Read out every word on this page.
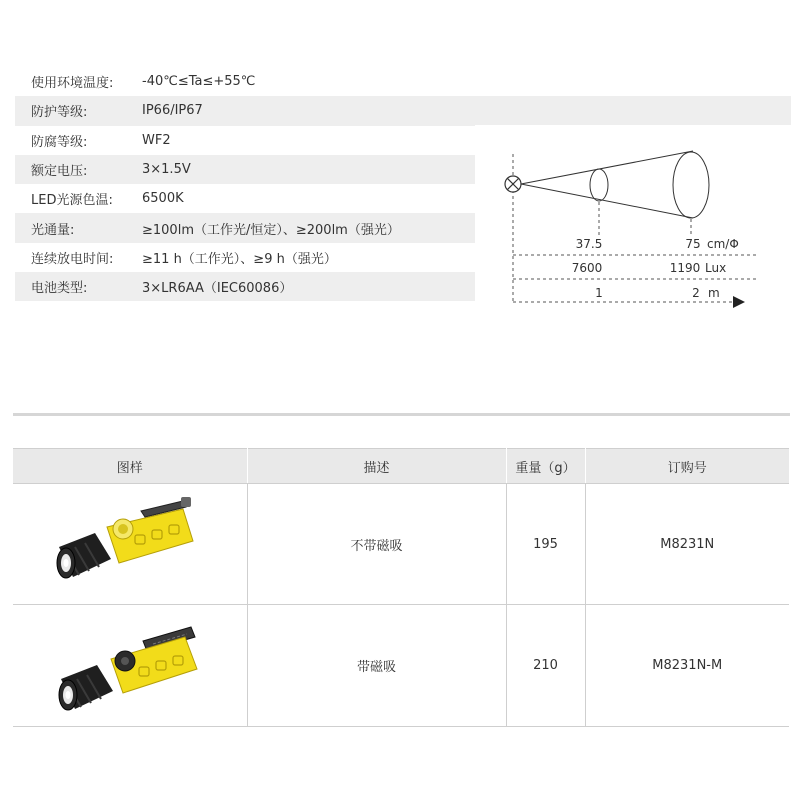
使用环境温度:	-40℃≤Ta≤+55℃
防护等级:	IP66/IP67
防腐等级:	WF2
额定电压:	3×1.5V
LED光源色温:	6500K
光通量:	≥100lm（工作光/恒定）、≥200lm（强光）
连续放电时间:	≥11 h（工作光）、≥9 h（强光）
电池类型:	3×LR6AA（IEC60086）
37.5	75 cm/Φ
7600	1190 Lux
1	2 m
图样	描述	重量（g）	订购号

	不带磁吸	195	M8231N

	带磁吸	210	M8231N-M
